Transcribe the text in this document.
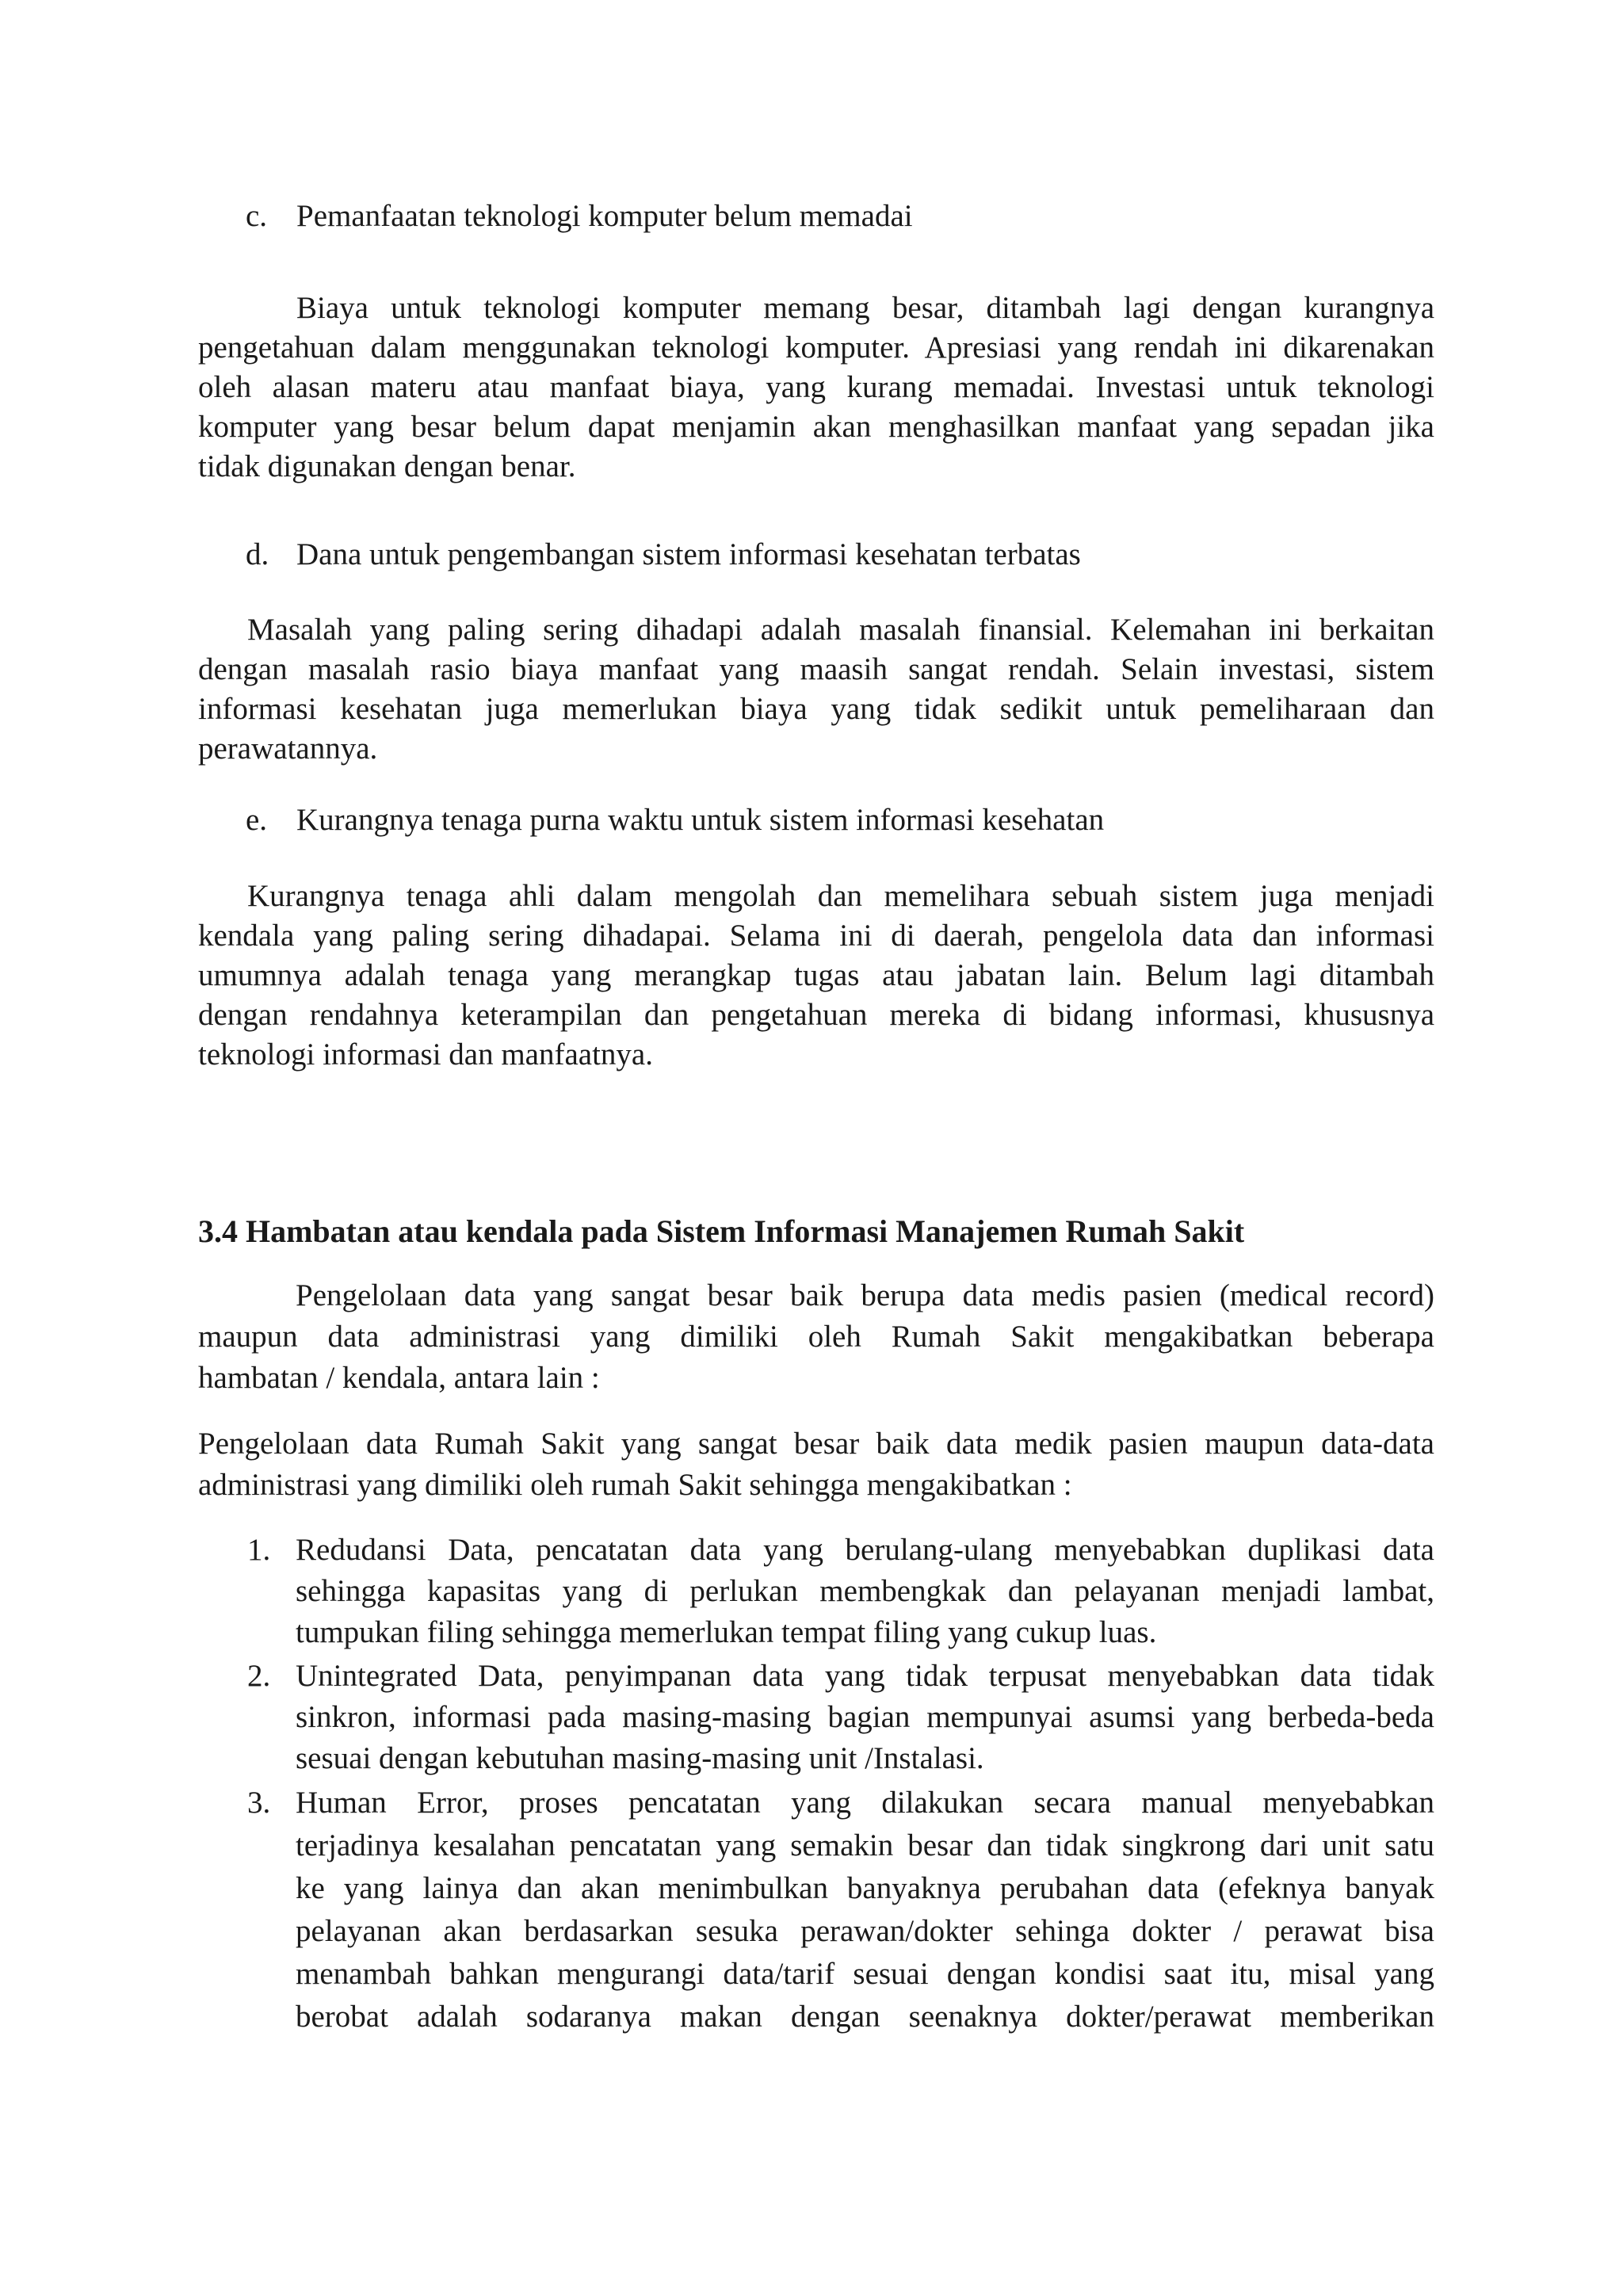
c. Pemanfaatan teknologi komputer belum memadai
Biaya untuk teknologi komputer memang besar, ditambah lagi dengan kurangnya
pengetahuan dalam menggunakan teknologi komputer. Apresiasi yang rendah ini dikarenakan
oleh alasan materu atau manfaat biaya, yang kurang memadai. Investasi untuk teknologi
komputer yang besar belum dapat menjamin akan menghasilkan manfaat yang sepadan jika
tidak digunakan dengan benar.
d. Dana untuk pengembangan sistem informasi kesehatan terbatas
Masalah yang paling sering dihadapi adalah masalah finansial. Kelemahan ini berkaitan
dengan masalah rasio biaya manfaat yang maasih sangat rendah. Selain investasi, sistem
informasi kesehatan juga memerlukan biaya yang tidak sedikit untuk pemeliharaan dan
perawatannya.
e. Kurangnya tenaga purna waktu untuk sistem informasi kesehatan
Kurangnya tenaga ahli dalam mengolah dan memelihara sebuah sistem juga menjadi
kendala yang paling sering dihadapai. Selama ini di daerah, pengelola data dan informasi
umumnya adalah tenaga yang merangkap tugas atau jabatan lain. Belum lagi ditambah
dengan rendahnya keterampilan dan pengetahuan mereka di bidang informasi, khususnya
teknologi informasi dan manfaatnya.
3.4 Hambatan atau kendala pada Sistem Informasi Manajemen Rumah Sakit
Pengelolaan data yang sangat besar baik berupa data medis pasien (medical record)
maupun data administrasi yang dimiliki oleh Rumah Sakit mengakibatkan beberapa
hambatan / kendala, antara lain :
Pengelolaan data Rumah Sakit yang sangat besar baik data medik pasien maupun data-data
administrasi yang dimiliki oleh rumah Sakit sehingga mengakibatkan :
1. Redudansi Data, pencatatan data yang berulang-ulang menyebabkan duplikasi data
sehingga kapasitas yang di perlukan membengkak dan pelayanan menjadi lambat,
tumpukan filing sehingga memerlukan tempat filing yang cukup luas.
2. Unintegrated Data, penyimpanan data yang tidak terpusat menyebabkan data tidak
sinkron, informasi pada masing-masing bagian mempunyai asumsi yang berbeda-beda
sesuai dengan kebutuhan masing-masing unit /Instalasi.
3. Human Error, proses pencatatan yang dilakukan secara manual menyebabkan
terjadinya kesalahan pencatatan yang semakin besar dan tidak singkrong dari unit satu
ke yang lainya dan akan menimbulkan banyaknya perubahan data (efeknya banyak
pelayanan akan berdasarkan sesuka perawan/dokter sehinga dokter / perawat bisa
menambah bahkan mengurangi data/tarif sesuai dengan kondisi saat itu, misal yang
berobat adalah sodaranya makan dengan seenaknya dokter/perawat memberikan
